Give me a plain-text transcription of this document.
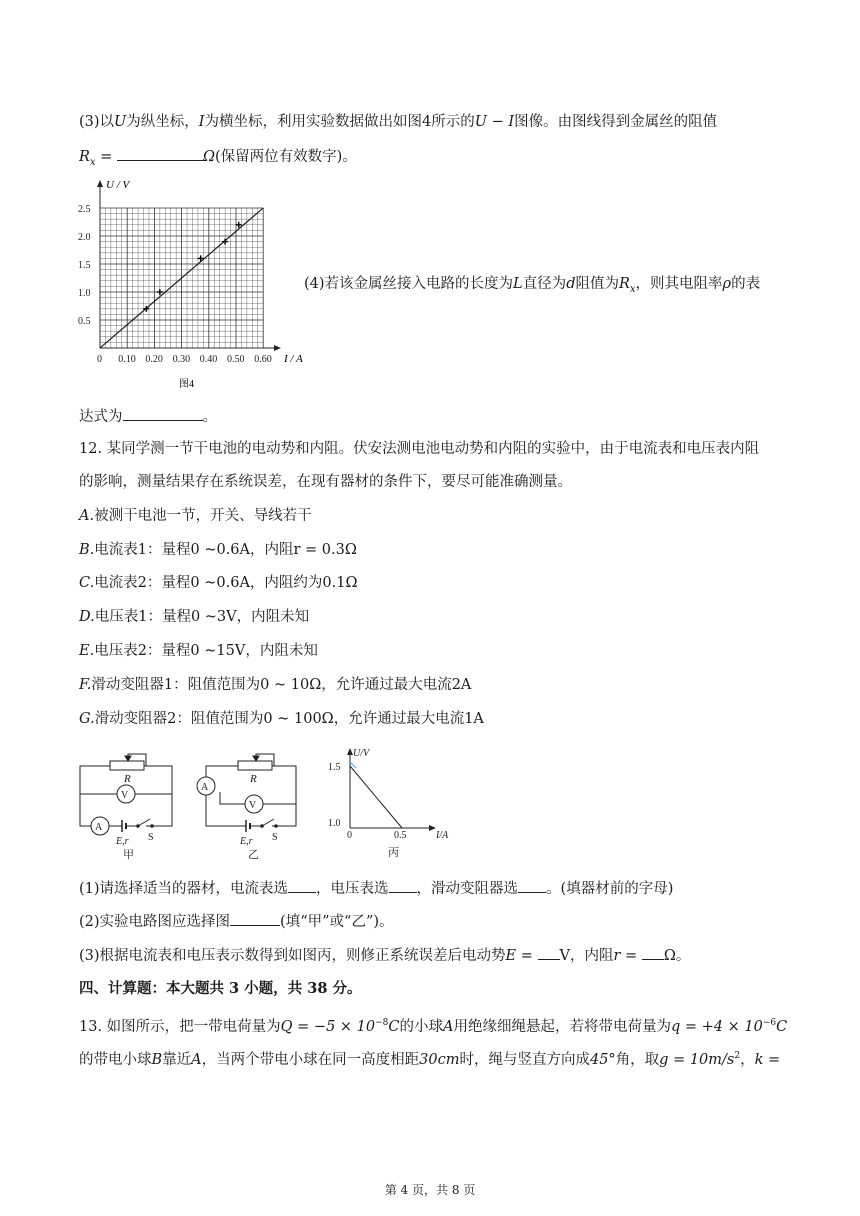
(3)以U为纵坐标，I为横坐标，利用实验数据做出如图4所示的U − I图像。由图线得到金属丝的阻值
$R_x$ =	Ω(保留两位有效数字)。
U / V
2.5
2.0
1.5
1.0
0.5
0 0.10 0.20 0.30 0.40 0.50 0.60 I / A
图4
(4)若该金属丝接入电路的长度为L直径为d阻值为$R_x$，则其电阻率ρ的表
达式为	。
12. 某同学测一节干电池的电动势和内阻。伏安法测电池电动势和内阻的实验中，由于电流表和电压表内阻
的影响，测量结果存在系统误差，在现有器材的条件下，要尽可能准确测量。
A.被测干电池一节，开关、导线若干
B.电流表1：量程0 ~0.6A，内阻r = 0.3Ω
C.电流表2：量程0 ~0.6A，内阻约为0.1Ω
D.电压表1：量程0 ~3V，内阻未知
E.电压表2：量程0 ~15V，内阻未知
F.滑动变阻器1：阻值范围为0 ~ 10Ω，允许通过最大电流2A
G.滑动变阻器2：阻值范围为0 ~ 100Ω，允许通过最大电流1A
R
V
A
E,r S
甲
R
A
V
E,r S
乙
U/V
1.5
1.0
0	0.5	I/A
丙
(1)请选择适当的器材，电流表选 ，电压表选 ，滑动变阻器选 。(填器材前的字母)
(2)实验电路图应选择图	(填“甲”或“乙”)。
(3)根据电流表和电压表示数得到如图丙，则修正系统误差后电动势E = V，内阻r = Ω。
四、计算题：本大题共 3 小题，共 38 分。
13. 如图所示，把一带电荷量为$Q = -5 \times 10^{-8}C$的小球A用绝缘细绳悬起，若将带电荷量为$q = +4 \times 10^{-6}C$
的带电小球B靠近A，当两个带电小球在同一高度相距30cm时，绳与竖直方向成45°角，取$g = 10m/s^2$，k =
第 4 页，共 8 页
